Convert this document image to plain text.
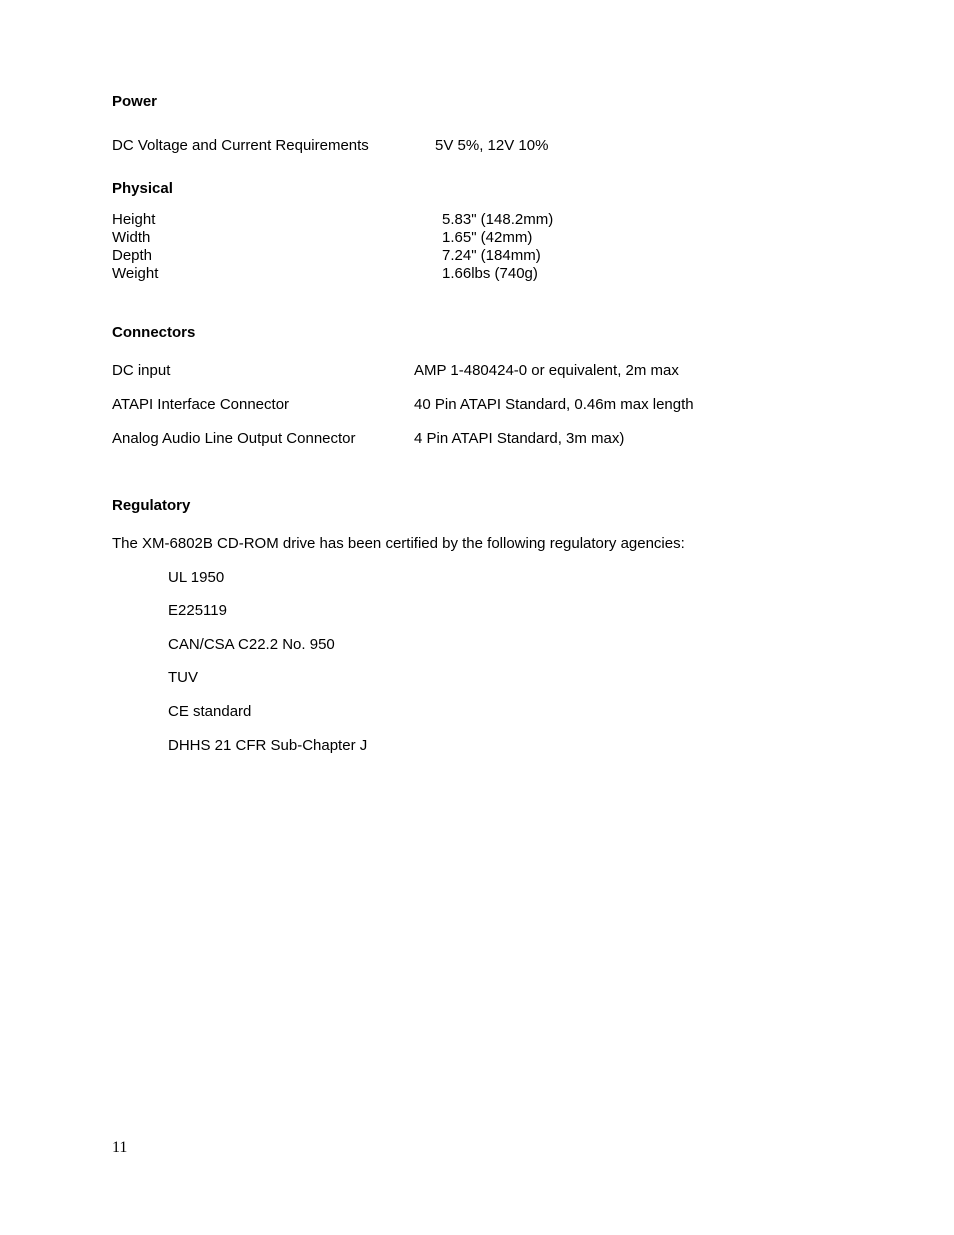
Power
DC Voltage and Current Requirements	5V 5%, 12V 10%
Physical
Height	5.83" (148.2mm)
Width	1.65" (42mm)
Depth	7.24" (184mm)
Weight	1.66lbs (740g)
Connectors
DC input	AMP 1-480424-0 or equivalent, 2m max
ATAPI Interface Connector	40 Pin ATAPI Standard, 0.46m max length
Analog Audio Line Output Connector	4 Pin ATAPI Standard, 3m max)
Regulatory
The XM-6802B CD-ROM drive has been certified by the following regulatory agencies:
UL 1950
E225119
CAN/CSA C22.2 No. 950
TUV
CE standard
DHHS 21 CFR Sub-Chapter J
11
